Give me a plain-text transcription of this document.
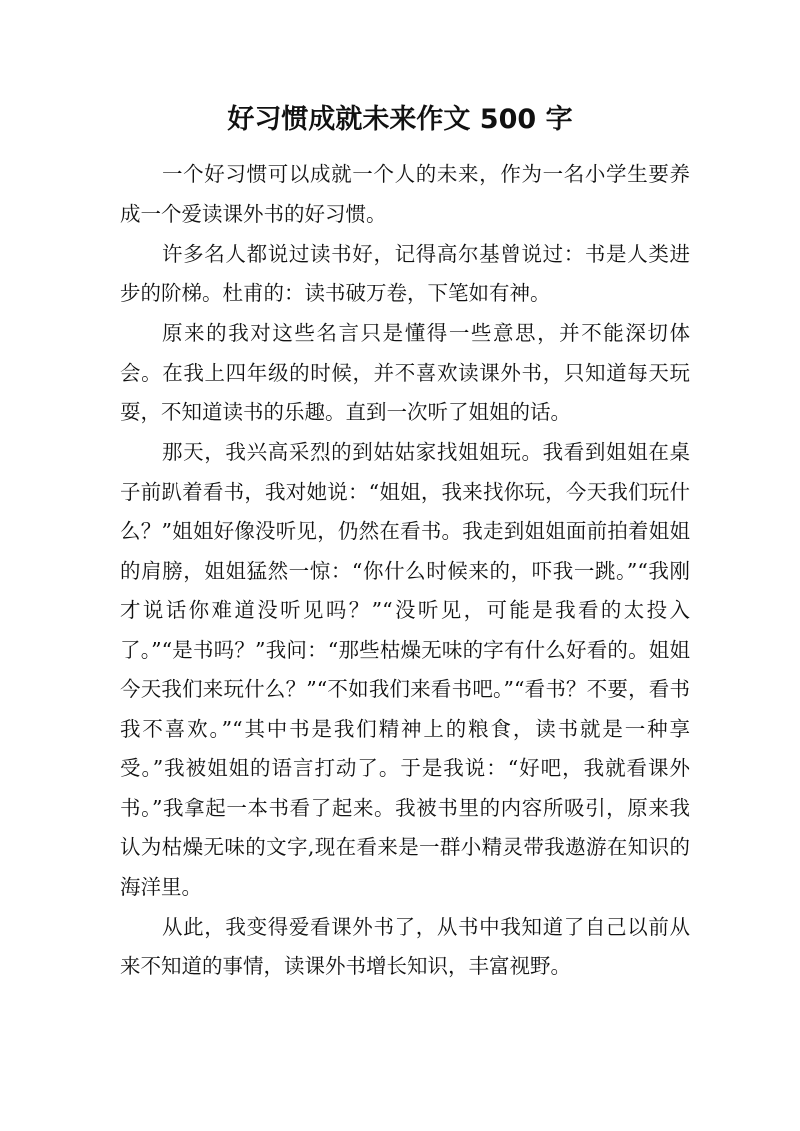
好习惯成就未来作文 500 字

一个好习惯可以成就一个人的未来，作为一名小学生要养成一个爱读课外书的好习惯。

许多名人都说过读书好，记得高尔基曾说过：书是人类进步的阶梯。杜甫的：读书破万卷，下笔如有神。

原来的我对这些名言只是懂得一些意思，并不能深切体会。在我上四年级的时候，并不喜欢读课外书，只知道每天玩耍，不知道读书的乐趣。直到一次听了姐姐的话。

那天，我兴高采烈的到姑姑家找姐姐玩。我看到姐姐在桌子前趴着看书，我对她说：“姐姐，我来找你玩，今天我们玩什么？”姐姐好像没听见，仍然在看书。我走到姐姐面前拍着姐姐的肩膀，姐姐猛然一惊：“你什么时候来的，吓我一跳。”“我刚才说话你难道没听见吗？”“没听见，可能是我看的太投入了。”“是书吗？”我问：“那些枯燥无味的字有什么好看的。姐姐今天我们来玩什么？”“不如我们来看书吧。”“看书？不要，看书我不喜欢。”“其中书是我们精神上的粮食，读书就是一种享受。”我被姐姐的语言打动了。于是我说：“好吧，我就看课外书。”我拿起一本书看了起来。我被书里的内容所吸引，原来我认为枯燥无味的文字,现在看来是一群小精灵带我遨游在知识的海洋里。

从此，我变得爱看课外书了，从书中我知道了自己以前从来不知道的事情，读课外书增长知识，丰富视野。
